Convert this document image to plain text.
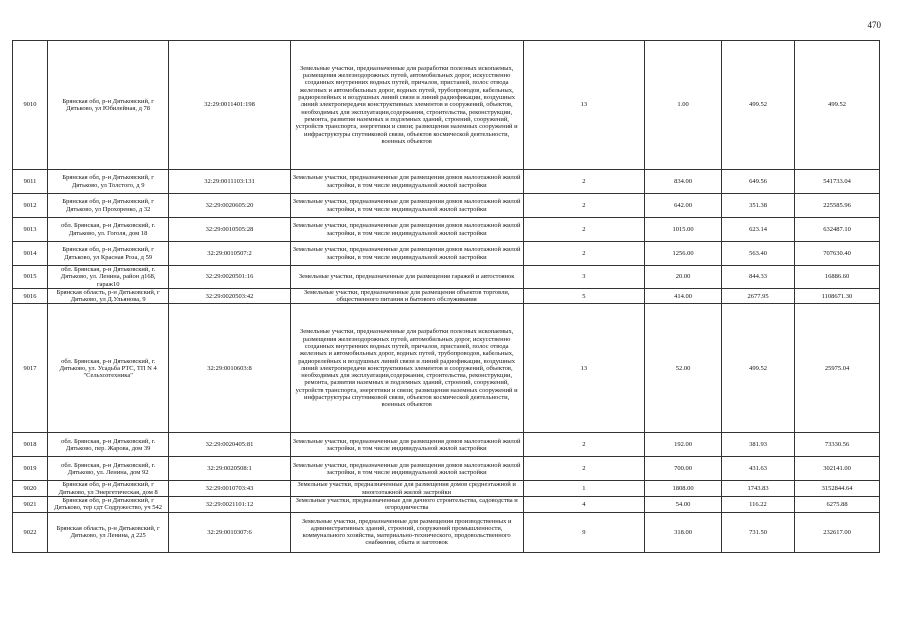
470
9010	Брянская обл, р-н Дятьковский, г Дятьково, ул Юбилейная, д 78	32:29:0011401:198	Земельные участки, предназначенные для разработки полезных ископаемых, размещения железнодорожных путей, автомобильных дорог, искусственно созданных внутренних водных путей, причалов, пристаней, полос отвода железных и автомобильных дорог, водных путей, трубопроводов, кабельных, радиорелейных и воздушных линий связи и линий радиофикации, воздушных линий электропередачи конструктивных элементов и сооружений, объектов, необходимых для эксплуатации,содержания, строительства, реконструкции, ремонта, развития наземных и подземных зданий, строений, сооружений, устройств транспорта, энергетики и связи; размещения наземных сооружений и инфраструктуры спутниковой связи, объектов космической деятельности, военных объектов	13	1.00	499.52	499.52
9011	Брянская обл, р-н Дятьковский, г Дятьково, ул Толстого, д 9	32:29:0011103:131	Земельные участки, предназначенные для размещения домов малоэтажной жилой застройки, в том числе индивидуальной жилой застройки	2	834.00	649.56	541733.04
9012	Брянская обл, р-н Дятьковский, г Дятьково, ул Прохоренко, д 32	32:29:0020605:20	Земельные участки, предназначенные для размещения домов малоэтажной жилой застройки, в том числе индивидуальной жилой застройки	2	642.00	351.38	225585.96
9013	обл. Брянская, р-н Дятьковский, г. Дятьково, ул. Гоголя, дом 18	32:29:0010505:28	Земельные участки, предназначенные для размещения домов малоэтажной жилой застройки, в том числе индивидуальной жилой застройки	2	1015.00	623.14	632487.10
9014	Брянская обл, р-н Дятьковский, г Дятьково, ул Красная Роза, д 59	32:29:0010507:2	Земельные участки, предназначенные для размещения домов малоэтажной жилой застройки, в том числе индивидуальной жилой застройки	2	1256.00	563.40	707630.40
9015	обл. Брянская, р-н Дятьковский, г. Дятьково, ул. Ленина, район д168, гараж10	32:29:0020501:16	Земельные участки, предназначенные для размещения гаражей и автостоянок	3	20.00	844.33	16886.60
9016	Брянская область, р-н Дятьковский, г Дятьково, ул Д.Ульянова, 9	32:29:0020503:42	Земельные участки, предназначенные для размещения объектов торговли, общественного питания и бытового обслуживания	5	414.00	2677.95	1108671.30
9017	обл. Брянская, р-н Дятьковский, г. Дятьково, ул. Усадьба РТС, ТП N 4 "Сельхозтехника"	32:29:0010603:8	Земельные участки, предназначенные для разработки полезных ископаемых, размещения железнодорожных путей, автомобильных дорог, искусственно созданных внутренних водных путей, причалов, пристаней, полос отвода железных и автомобильных дорог, водных путей, трубопроводов, кабельных, радиорелейных и воздушных линий связи и линий радиофикации, воздушных линий электропередачи конструктивных элементов и сооружений, объектов, необходимых для эксплуатации,содержания, строительства, реконструкции, ремонта, развития наземных и подземных зданий, строений, сооружений, устройств транспорта, энергетики и связи; размещения наземных сооружений и инфраструктуры спутниковой связи, объектов космической деятельности, военных объектов	13	52.00	499.52	25975.04
9018	обл. Брянская, р-н Дятьковский, г. Дятьково, пер. Жарова, дом 39	32:29:0020405:81	Земельные участки, предназначенные для размещения домов малоэтажной жилой застройки, в том числе индивидуальной жилой застройки	2	192.00	381.93	73330.56
9019	обл. Брянская, р-н Дятьковский, г. Дятьково, ул. Ленина, дом 92	32:29:0020508:1	Земельные участки, предназначенные для размещения домов малоэтажной жилой застройки, в том числе индивидуальной жилой застройки	2	700.00	431.63	302141.00
9020	Брянская обл, р-н Дятьковский, г Дятьково, ул Энергетическая, дом 8	32:29:0010703:43	Земельные участки, предназначенные для размещения домов среднеэтажной и многоэтажной жилой застройки	1	1808.00	1743.83	3152844.64
9021	Брянская обл, р-н Дятьковский, г Дятьково, тер сдт Содружество, уч 542	32:29:0021101:12	Земельные участки, предназначенные для дачного строительства, садоводства и огородничества	4	54.00	116.22	6275.88
9022	Брянская область, р-н Дятьковский, г Дятьково, ул Ленина, д 225	32:29:0010307:6	Земельные участки, предназначенные для размещения производственных и административных зданий, строений, сооружений промышленности, коммунального хозяйства, материально-технического, продовольственного снабжения, сбыта и заготовок	9	318.00	731.50	232617.00
